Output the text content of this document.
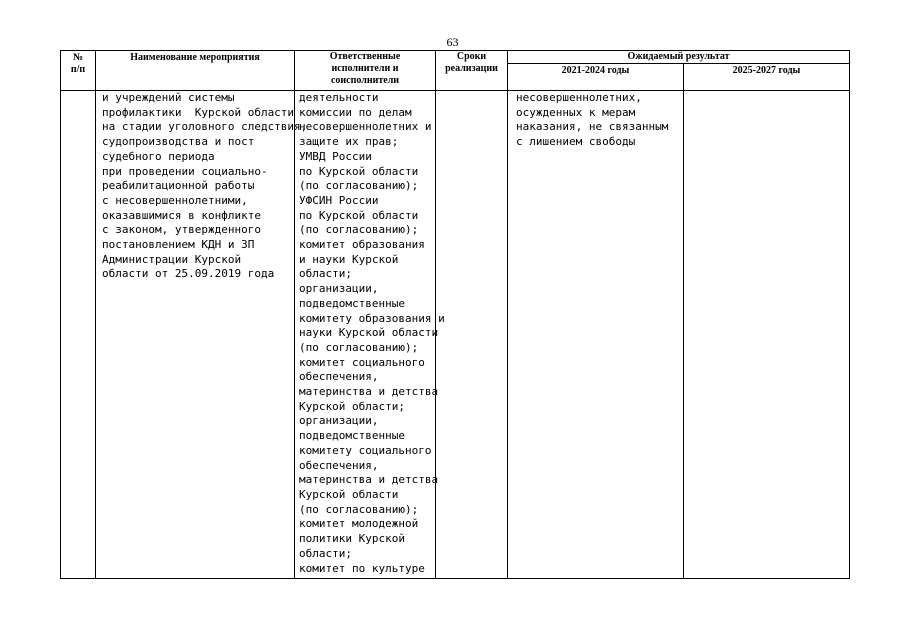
63
№
п/п
Наименование мероприятия	Ответственные
исполнители и
соисполнители
Сроки
реализации
Ожидаемый результат
2021-2024 годы	2025-2027 годы
и учреждений системы
профилактики  Курской области
на стадии уголовного следствия,
судопроизводства и пост
судебного периода
при проведении социально-
реабилитационной работы
с несовершеннолетними,
оказавшимися в конфликте
с законом, утвержденного
постановлением КДН и ЗП
Администрации Курской
области от 25.09.2019 года
деятельности
комиссии по делам
несовершеннолетних и
защите их прав;
УМВД России
по Курской области
(по согласованию);
УФСИН России
по Курской области
(по согласованию);
комитет образования
и науки Курской
области;
организации,
подведомственные
комитету образования и
науки Курской области
(по согласованию);
комитет социального
обеспечения,
материнства и детства
Курской области;
организации,
подведомственные
комитету социального
обеспечения,
материнства и детства
Курской области
(по согласованию);
комитет молодежной
политики Курской
области;
комитет по культуре
несовершеннолетних,
осужденных к мерам
наказания, не связанным
с лишением свободы
